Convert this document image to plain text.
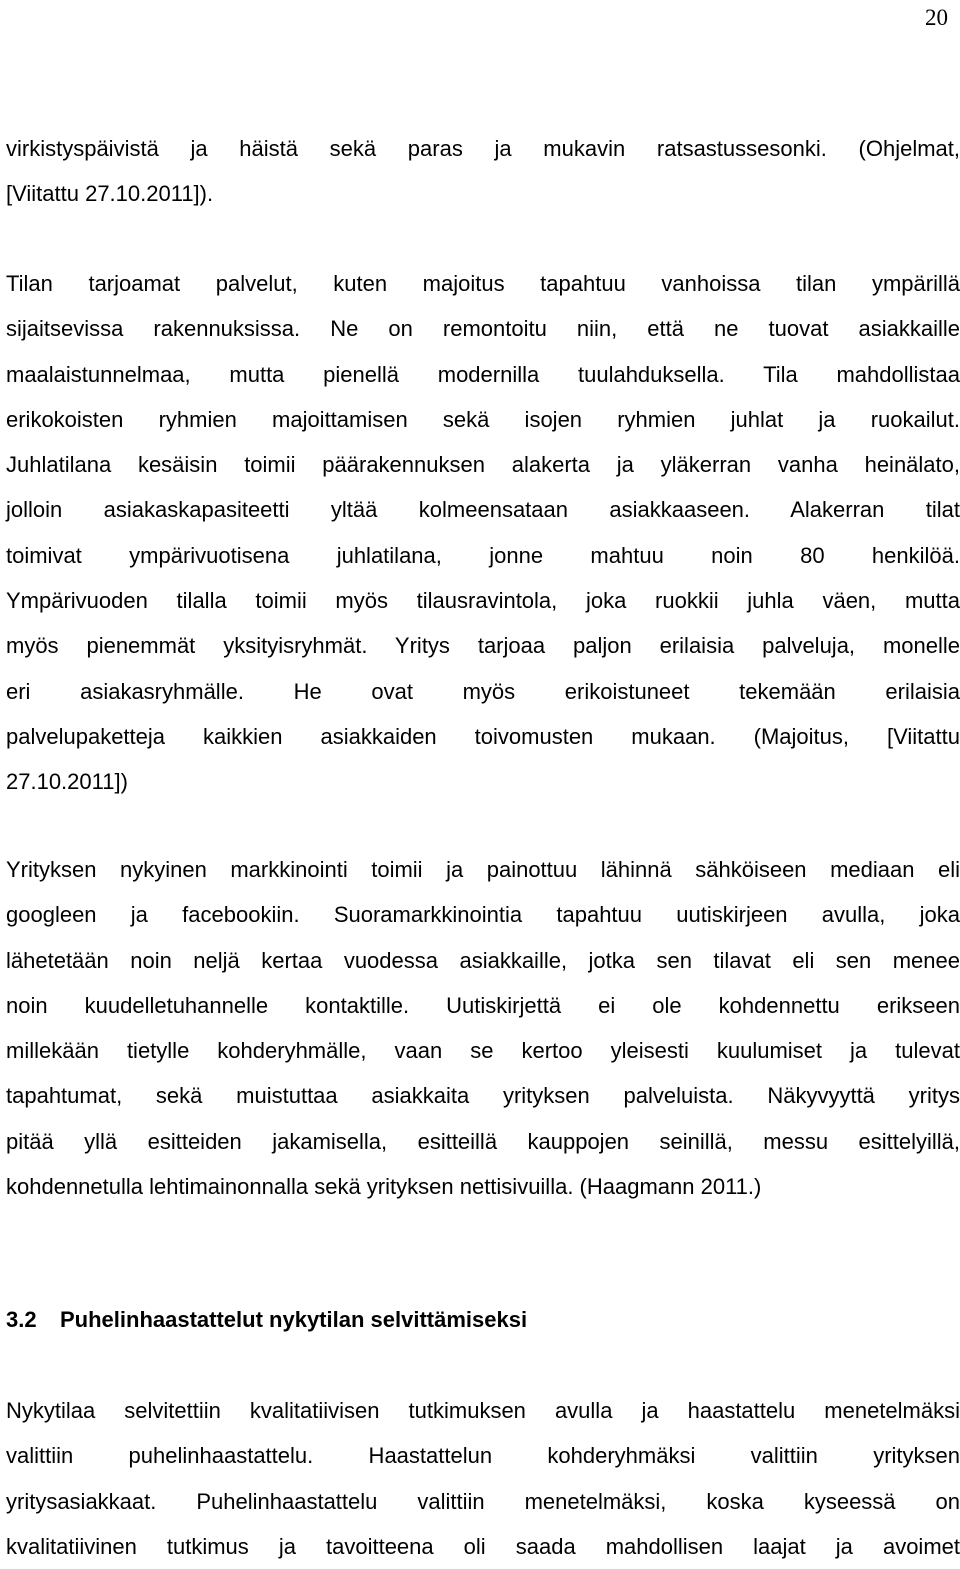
20
virkistyspäivistä ja häistä sekä paras ja mukavin ratsastussesonki. (Ohjelmat,
[Viitattu 27.10.2011]).
Tilan tarjoamat palvelut, kuten majoitus tapahtuu vanhoissa tilan ympärillä
sijaitsevissa rakennuksissa. Ne on remontoitu niin, että ne tuovat asiakkaille
maalaistunnelmaa, mutta pienellä modernilla tuulahduksella. Tila mahdollistaa
erikokoisten ryhmien majoittamisen sekä isojen ryhmien juhlat ja ruokailut.
Juhlatilana kesäisin toimii päärakennuksen alakerta ja yläkerran vanha heinälato,
jolloin asiakaskapasiteetti yltää kolmeensataan asiakkaaseen. Alakerran tilat
toimivat ympärivuotisena juhlatilana, jonne mahtuu noin 80 henkilöä.
Ympärivuoden tilalla toimii myös tilausravintola, joka ruokkii juhla väen, mutta
myös pienemmät yksityisryhmät. Yritys tarjoaa paljon erilaisia palveluja, monelle
eri asiakasryhmälle. He ovat myös erikoistuneet tekemään erilaisia
palvelupaketteja kaikkien asiakkaiden toivomusten mukaan. (Majoitus, [Viitattu
27.10.2011])
Yrityksen nykyinen markkinointi toimii ja painottuu lähinnä sähköiseen mediaan eli
googleen ja facebookiin. Suoramarkkinointia tapahtuu uutiskirjeen avulla, joka
lähetetään noin neljä kertaa vuodessa asiakkaille, jotka sen tilavat eli sen menee
noin kuudelletuhannelle kontaktille. Uutiskirjettä ei ole kohdennettu erikseen
millekään tietylle kohderyhmälle, vaan se kertoo yleisesti kuulumiset ja tulevat
tapahtumat, sekä muistuttaa asiakkaita yrityksen palveluista. Näkyvyyttä yritys
pitää yllä esitteiden jakamisella, esitteillä kauppojen seinillä, messu esittelyillä,
kohdennetulla lehtimainonnalla sekä yrityksen nettisivuilla. (Haagmann 2011.)
3.2 Puhelinhaastattelut nykytilan selvittämiseksi
Nykytilaa selvitettiin kvalitatiivisen tutkimuksen avulla ja haastattelu menetelmäksi
valittiin puhelinhaastattelu. Haastattelun kohderyhmäksi valittiin yrityksen
yritysasiakkaat. Puhelinhaastattelu valittiin menetelmäksi, koska kyseessä on
kvalitatiivinen tutkimus ja tavoitteena oli saada mahdollisen laajat ja avoimet
